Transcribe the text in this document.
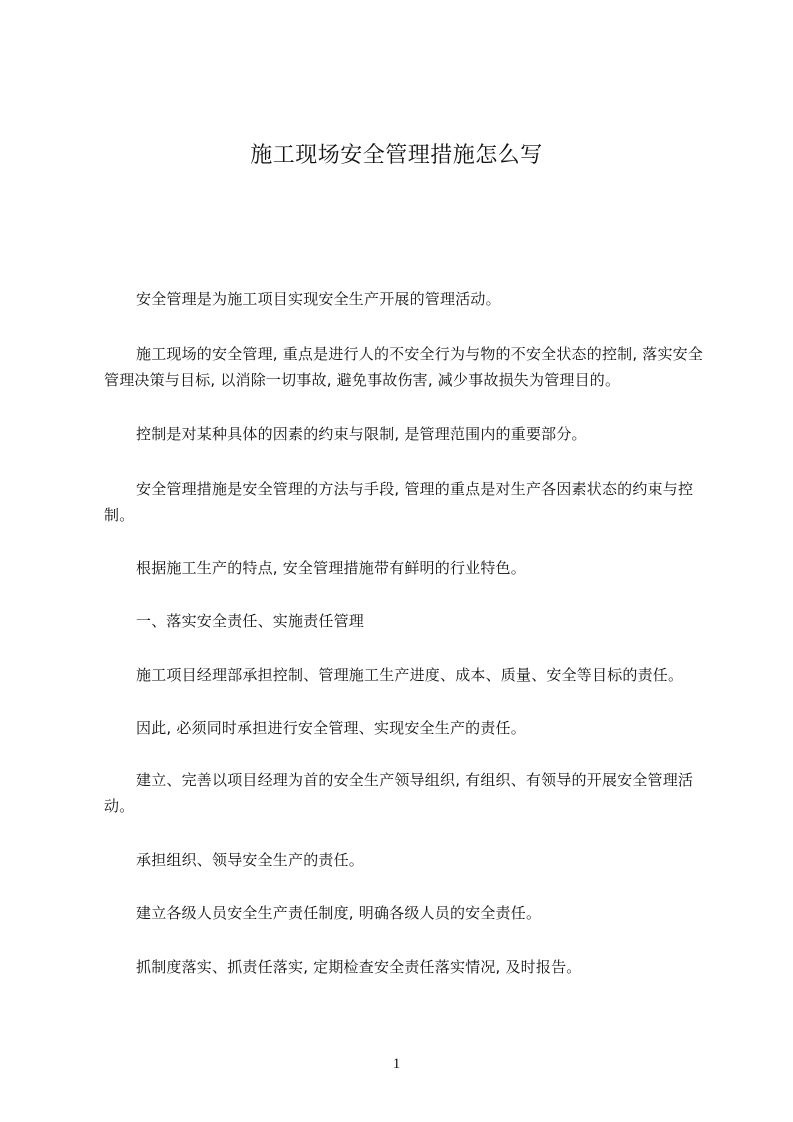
施工现场安全管理措施怎么写

安全管理是为施工项目实现安全生产开展的管理活动。

施工现场的安全管理, 重点是进行人的不安全行为与物的不安全状态的控制, 落实安全管理决策与目标, 以消除一切事故, 避免事故伤害, 减少事故损失为管理目的。

控制是对某种具体的因素的约束与限制, 是管理范围内的重要部分。

安全管理措施是安全管理的方法与手段, 管理的重点是对生产各因素状态的约束与控制。

根据施工生产的特点, 安全管理措施带有鲜明的行业特色。

一、落实安全责任、实施责任管理

施工项目经理部承担控制、管理施工生产进度、成本、质量、安全等目标的责任。

因此, 必须同时承担进行安全管理、实现安全生产的责任。

建立、完善以项目经理为首的安全生产领导组织, 有组织、有领导的开展安全管理活动。

承担组织、领导安全生产的责任。

建立各级人员安全生产责任制度, 明确各级人员的安全责任。

抓制度落实、抓责任落实, 定期检查安全责任落实情况, 及时报告。

1
